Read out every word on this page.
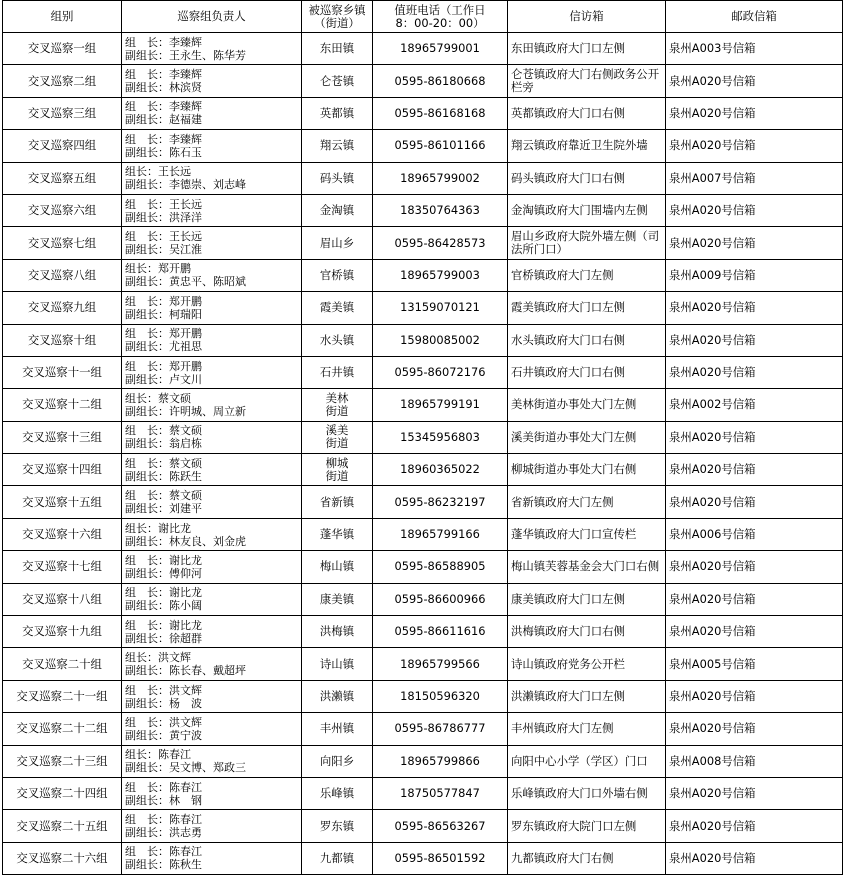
组别	巡察组负责人	被巡察乡镇
（街道）	值班电话（工作日
8：00-20：00）	信访箱	邮政信箱
交叉巡察一组	组　长：李臻辉
副组长：王永生、陈华芳	东田镇	18965799001	东田镇政府大门口左侧	泉州A003号信箱
交叉巡察二组	组　长：李臻辉
副组长：林滨贤	仑苍镇	0595-86180668	仑苍镇政府大门右侧政务公开栏旁	泉州A020号信箱
交叉巡察三组	组　长：李臻辉
副组长：赵福建	英都镇	0595-86168168	英都镇政府大门口右侧	泉州A020号信箱
交叉巡察四组	组　长：李臻辉
副组长：陈石玉	翔云镇	0595-86101166	翔云镇政府靠近卫生院外墙	泉州A020号信箱
交叉巡察五组	组长：王长远
副组长：李德崇、刘志峰	码头镇	18965799002	码头镇政府大门口右侧	泉州A007号信箱
交叉巡察六组	组　长：王长远
副组长：洪泽洋	金淘镇	18350764363	金淘镇政府大门围墙内左侧	泉州A020号信箱
交叉巡察七组	组　长：王长远
副组长：吴江淮	眉山乡	0595-86428573	眉山乡政府大院外墙左侧（司法所门口）	泉州A020号信箱
交叉巡察八组	组长：郑开鹏
副组长：黄忠平、陈昭斌	官桥镇	18965799003	官桥镇政府大门左侧	泉州A009号信箱
交叉巡察九组	组　长：郑开鹏
副组长：柯瑞阳	霞美镇	13159070121	霞美镇政府大门口左侧	泉州A020号信箱
交叉巡察十组	组　长：郑开鹏
副组长：尤祖思	水头镇	15980085002	水头镇政府大门口右侧	泉州A020号信箱
交叉巡察十一组	组　长：郑开鹏
副组长：卢文川	石井镇	0595-86072176	石井镇政府大门口右侧	泉州A020号信箱
交叉巡察十二组	组长：蔡文硕
副组长：许明城、周立新	美林
街道	18965799191	美林街道办事处大门左侧	泉州A002号信箱
交叉巡察十三组	组　长：蔡文硕
副组长：翁启栋	溪美
街道	15345956803	溪美街道办事处大门左侧	泉州A020号信箱
交叉巡察十四组	组　长：蔡文硕
副组长：陈跃生	柳城
街道	18960365022	柳城街道办事处大门右侧	泉州A020号信箱
交叉巡察十五组	组　长：蔡文硕
副组长：刘建平	省新镇	0595-86232197	省新镇政府大门左侧	泉州A020号信箱
交叉巡察十六组	组长：谢比龙
副组长：林友良、刘金虎	蓬华镇	18965799166	蓬华镇政府大门口宣传栏	泉州A006号信箱
交叉巡察十七组	组　长：谢比龙
副组长：傅仰河	梅山镇	0595-86588905	梅山镇芙蓉基金会大门口右侧	泉州A020号信箱
交叉巡察十八组	组　长：谢比龙
副组长：陈小阔	康美镇	0595-86600966	康美镇政府大门口左侧	泉州A020号信箱
交叉巡察十九组	组　长：谢比龙
副组长：徐超群	洪梅镇	0595-86611616	洪梅镇政府大门口右侧	泉州A020号信箱
交叉巡察二十组	组长：洪文辉
副组长：陈长春、戴超坪	诗山镇	18965799566	诗山镇政府党务公开栏	泉州A005号信箱
交叉巡察二十一组	组　长：洪文辉
副组长：杨　波	洪濑镇	18150596320	洪濑镇政府大门口左侧	泉州A020号信箱
交叉巡察二十二组	组　长：洪文辉
副组长：黄宁波	丰州镇	0595-86786777	丰州镇政府大门左侧	泉州A020号信箱
交叉巡察二十三组	组长：陈春江
副组长：吴文博、郑政三	向阳乡	18965799866	向阳中心小学（学区）门口	泉州A008号信箱
交叉巡察二十四组	组　长：陈春江
副组长：林　钢	乐峰镇	18750577847	乐峰镇政府大门口外墙右侧	泉州A020号信箱
交叉巡察二十五组	组　长：陈春江
副组长：洪志勇	罗东镇	0595-86563267	罗东镇政府大院门口左侧	泉州A020号信箱
交叉巡察二十六组	组　长：陈春江
副组长：陈秋生	九都镇	0595-86501592	九都镇政府大门右侧	泉州A020号信箱
